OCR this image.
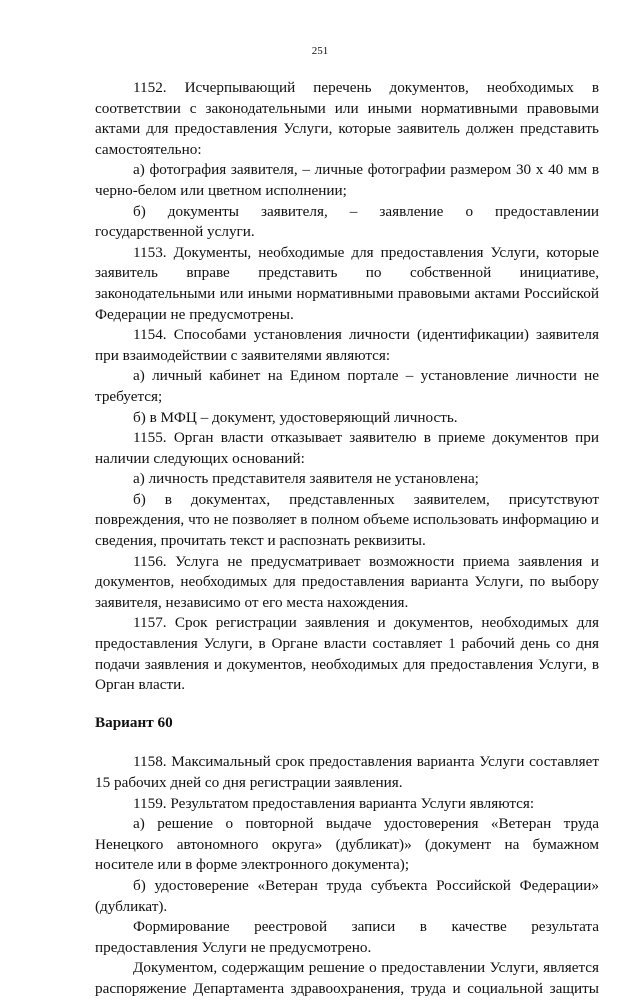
251

1152. Исчерпывающий перечень документов, необходимых в соответствии с законодательными или иными нормативными правовыми актами для предоставления Услуги, которые заявитель должен представить самостоятельно:

а) фотография заявителя, – личные фотографии размером 30 х 40 мм в черно-белом или цветном исполнении;

б) документы заявителя, – заявление о предоставлении государственной услуги.

1153. Документы, необходимые для предоставления Услуги, которые заявитель вправе представить по собственной инициативе, законодательными или иными нормативными правовыми актами Российской Федерации не предусмотрены.

1154. Способами установления личности (идентификации) заявителя при взаимодействии с заявителями являются:

а) личный кабинет на Едином портале – установление личности не требуется;

б) в МФЦ – документ, удостоверяющий личность.

1155. Орган власти отказывает заявителю в приеме документов при наличии следующих оснований:

а) личность представителя заявителя не установлена;

б) в документах, представленных заявителем, присутствуют повреждения, что не позволяет в полном объеме использовать информацию и сведения, прочитать текст и распознать реквизиты.

1156. Услуга не предусматривает возможности приема заявления и документов, необходимых для предоставления варианта Услуги, по выбору заявителя, независимо от его места нахождения.

1157. Срок регистрации заявления и документов, необходимых для предоставления Услуги, в Органе власти составляет 1 рабочий день со дня подачи заявления и документов, необходимых для предоставления Услуги, в Орган власти.

Вариант 60

1158. Максимальный срок предоставления варианта Услуги составляет 15 рабочих дней со дня регистрации заявления.

1159. Результатом предоставления варианта Услуги являются:

а) решение о повторной выдаче удостоверения «Ветеран труда Ненецкого автономного округа» (дубликат)» (документ на бумажном носителе или в форме электронного документа);

б) удостоверение «Ветеран труда субъекта Российской Федерации» (дубликат).

Формирование реестровой записи в качестве результата предоставления Услуги не предусмотрено.

Документом, содержащим решение о предоставлении Услуги, является распоряжение Департамента здравоохранения, труда и социальной защиты
